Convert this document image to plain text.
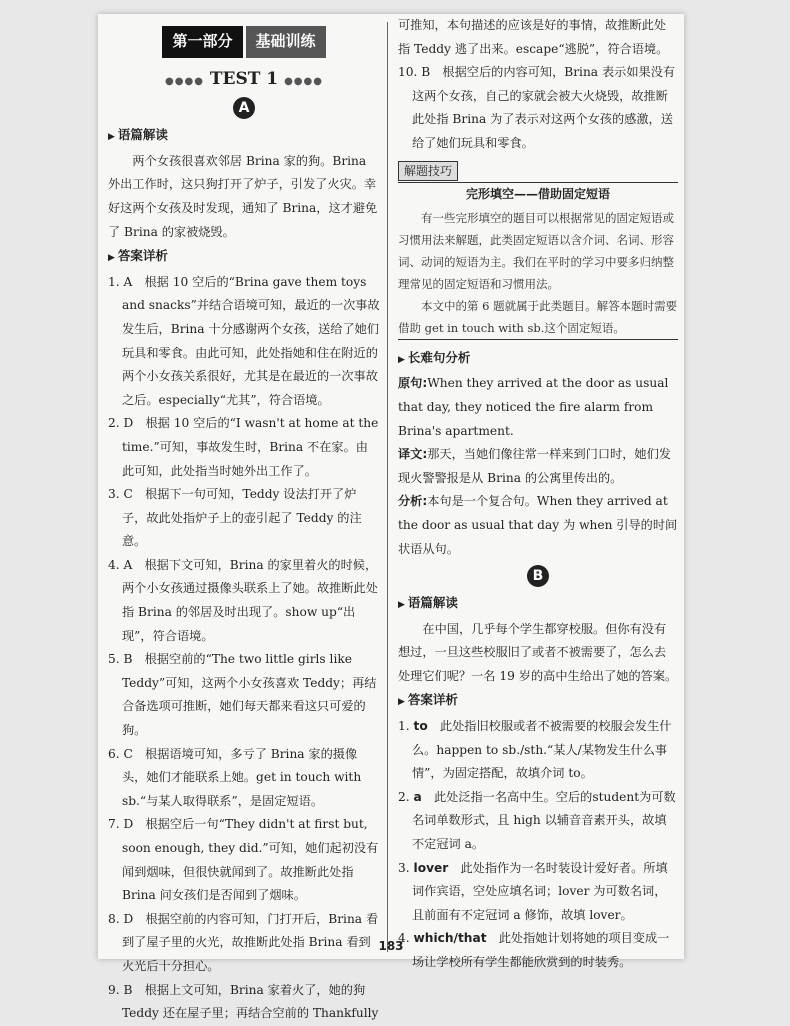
第一部分	基础训练
●●●● TEST 1 ●●●●
A
▶ 语篇解读

两个女孩很喜欢邻居 Brina 家的狗。Brina 外出工作时，这只狗打开了炉子，引发了火灾。幸好这两个女孩及时发现，通知了 Brina，这才避免了 Brina 的家被烧毁。

▶ 答案详析

1. A　根据 10 空后的“Brina gave them toys and snacks”并结合语境可知，最近的一次事故发生后，Brina 十分感谢两个女孩，送给了她们玩具和零食。由此可知，此处指她和住在附近的两个小女孩关系很好，尤其是在最近的一次事故之后。especially“尤其”，符合语境。

2. D　根据 10 空后的“I wasn't at home at the time.”可知，事故发生时，Brina 不在家。由此可知，此处指当时她外出工作了。

3. C　根据下一句可知，Teddy 设法打开了炉子，故此处指炉子上的壶引起了 Teddy 的注意。

4. A　根据下文可知，Brina 的家里着火的时候，两个小女孩通过摄像头联系上了她。故推断此处指 Brina 的邻居及时出现了。show up“出现”，符合语境。

5. B　根据空前的“The two little girls like Teddy”可知，这两个小女孩喜欢 Teddy；再结合备选项可推断，她们每天都来看这只可爱的狗。

6. C　根据语境可知，多亏了 Brina 家的摄像头，她们才能联系上她。get in touch with sb.“与某人取得联系”，是固定短语。

7. D　根据空后一句“They didn't at first but, soon enough, they did.”可知，她们起初没有闻到烟味，但很快就闻到了。故推断此处指 Brina 问女孩们是否闻到了烟味。

8. D　根据空前的内容可知，门打开后，Brina 看到了屋子里的火光，故推断此处指 Brina 看到火光后十分担心。

9. B　根据上文可知，Brina 家着火了，她的狗 Teddy 还在屋子里；再结合空前的 Thankfully

可推知，本句描述的应该是好的事情，故推断此处指 Teddy 逃了出来。escape“逃脱”，符合语境。

10. B　根据空后的内容可知，Brina 表示如果没有这两个女孩，自己的家就会被大火烧毁，故推断此处指 Brina 为了表示对这两个女孩的感激，送给了她们玩具和零食。

解题技巧
完形填空——借助固定短语

有一些完形填空的题目可以根据常见的固定短语或习惯用法来解题，此类固定短语以含介词、名词、形容词、动词的短语为主。我们在平时的学习中要多归纳整理常见的固定短语和习惯用法。

本文中的第 6 题就属于此类题目。解答本题时需要借助 get in touch with sb.这个固定短语。

▶ 长难句分析

原句:When they arrived at the door as usual that day, they noticed the fire alarm from Brina's apartment.

译文:那天，当她们像往常一样来到门口时，她们发现火警警报是从 Brina 的公寓里传出的。

分析:本句是一个复合句。When they arrived at the door as usual that day 为 when 引导的时间状语从句。

B
▶ 语篇解读

在中国，几乎每个学生都穿校服。但你有没有想过，一旦这些校服旧了或者不被需要了，怎么去处理它们呢？一名 19 岁的高中生给出了她的答案。

▶ 答案详析

1. to　 此处指旧校服或者不被需要的校服会发生什么。happen to sb./sth.“某人/某物发生什么事情”，为固定搭配，故填介词 to。

2. a　 此处泛指一名高中生。空后的student为可数名词单数形式，且 high 以辅音音素开头，故填不定冠词 a。

3. lover　 此处指作为一名时装设计爱好者。所填词作宾语，空处应填名词；lover 为可数名词，且前面有不定冠词 a 修饰，故填 lover。

4. which/that　 此处指她计划将她的项目变成一场让学校所有学生都能欣赏到的时装秀。

183
